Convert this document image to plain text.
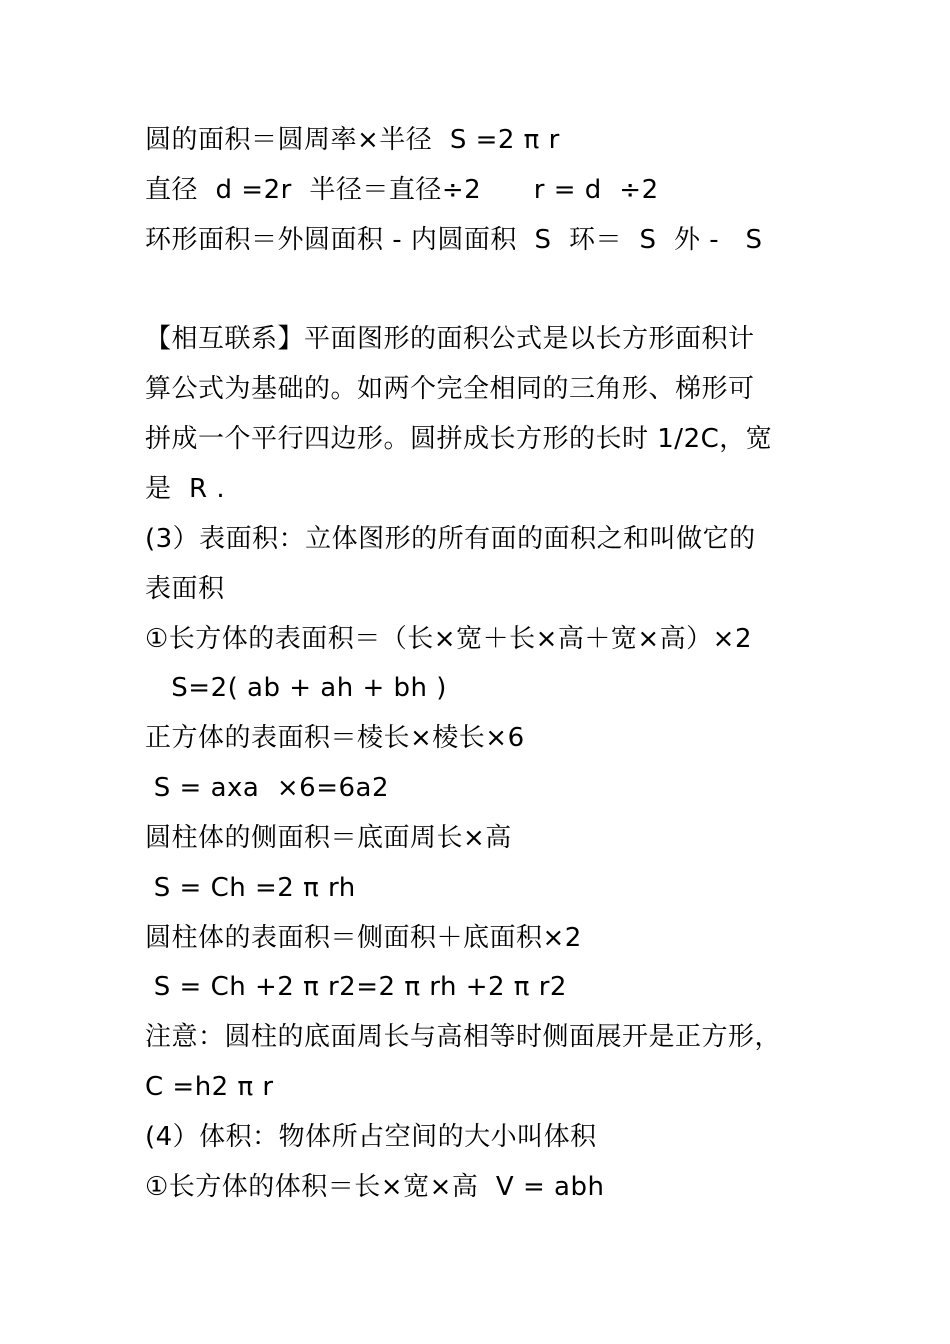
圆的面积＝圆周率×半径  S =2 π r
直径  d =2r  半径＝直径÷2      r = d  ÷2
环形面积＝外圆面积 - 内圆面积  S  环＝  S  外 -   S
【相互联系】平面图形的面积公式是以长方形面积计
算公式为基础的。如两个完全相同的三角形、梯形可
拼成一个平行四边形。圆拼成长方形的长时 1/2C，宽
是  R .
(3）表面积：立体图形的所有面的面积之和叫做它的
表面积
①长方体的表面积＝（长×宽＋长×高＋宽×高）×2
S=2( ab + ah + bh )
正方体的表面积＝棱长×棱长×6
S = axa  ×6=6a2
圆柱体的侧面积＝底面周长×高
S = Ch =2 π rh
圆柱体的表面积＝侧面积＋底面积×2
S = Ch +2 π r2=2 π rh +2 π r2
注意：圆柱的底面周长与高相等时侧面展开是正方形，
C =h2 π r
(4）体积：物体所占空间的大小叫体积
①长方体的体积＝长×宽×高  V = abh
